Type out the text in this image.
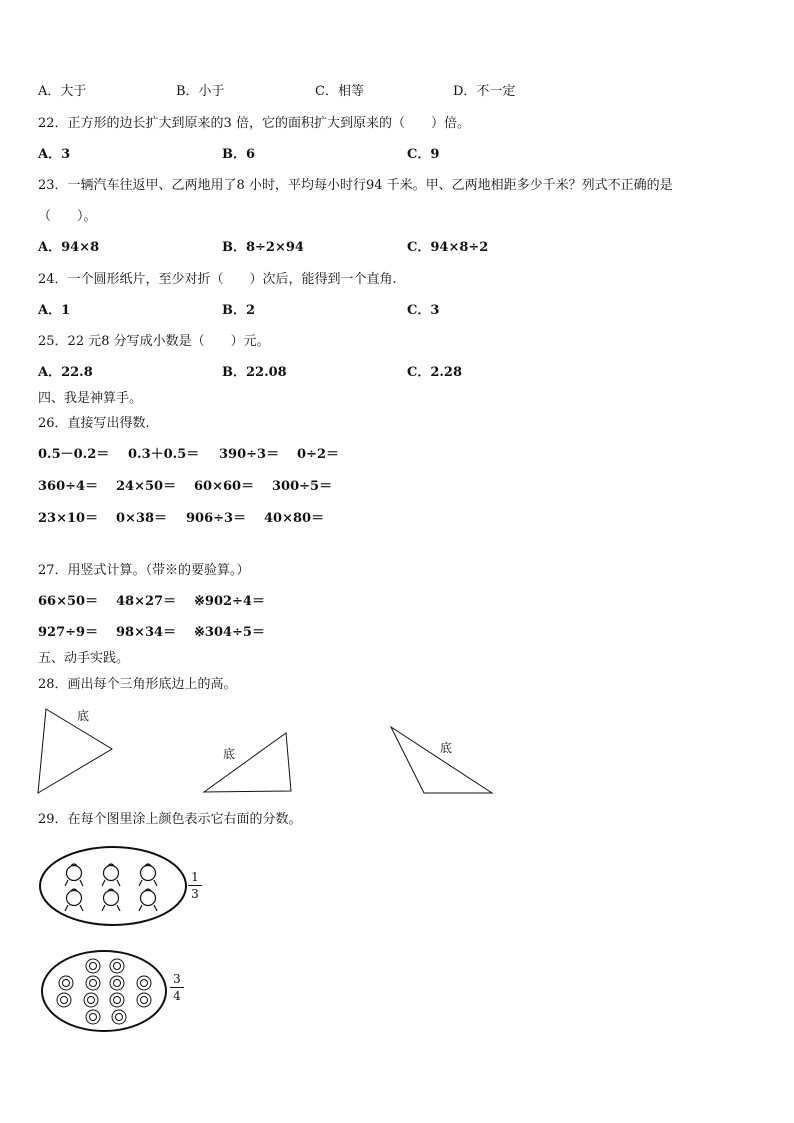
A．大于	B．小于	C．相等	D．不一定
22．正方形的边长扩大到原来的3 倍，它的面积扩大到原来的（　　）倍。
A．3	B．6	C．9
23．一辆汽车往返甲、乙两地用了8 小时，平均每小时行94 千米。甲、乙两地相距多少千米？列式不正确的是
（　　）。
A．94×8	B．8÷2×94	C．94×8÷2
24．一个圆形纸片，至少对折（　　）次后，能得到一个直角.
A．1	B．2	C．3
25．22 元8 分写成小数是（　　）元。
A．22.8	B．22.08	C．2.28
四、我是神算手。
26．直接写出得数.
0.5－0.2＝ 0.3＋0.5＝ 390÷3＝ 0÷2＝
360÷4＝ 24×50＝ 60×60＝ 300÷5＝
23×10＝ 0×38＝ 906÷3＝ 40×80＝
27．用竖式计算。（带※的要验算。）
66×50＝ 48×27＝ ※902÷4＝
927÷9＝ 98×34＝ ※304÷5＝
五、动手实践。
28．画出每个三角形底边上的高。
底
底	底
29．在每个图里涂上颜色表示它右面的分数。
1
3
3
4
